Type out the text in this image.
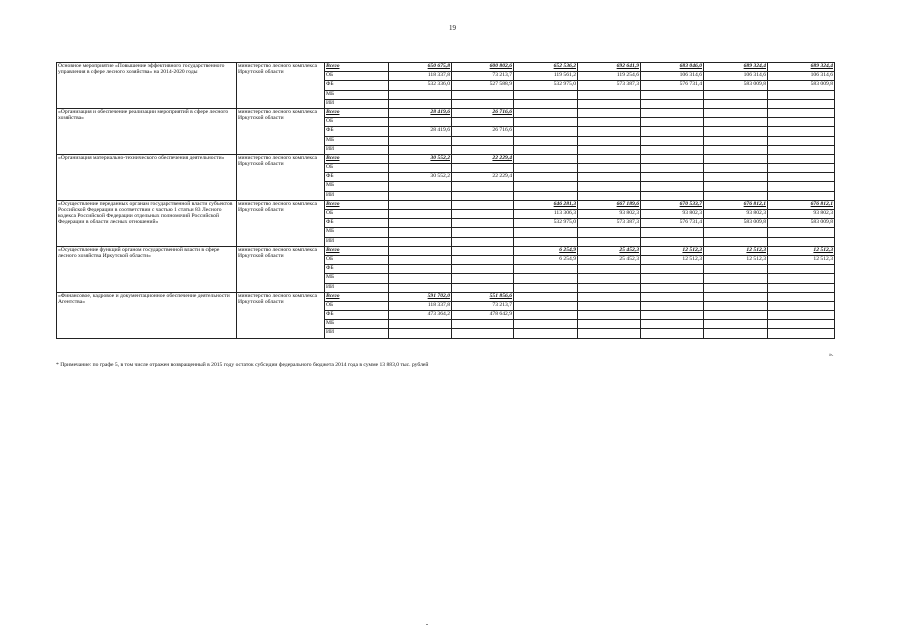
19
Основное мероприятие «Повышение эффективного государственного управления в сфере лесного хозяйства» на 2014-2020 годы	министерство лесного комплекса Иркутской области	Всего	650 675,8	600 802,6	652 536,2	692 641,9	683 046,0	689 324,4	689 324,4
		ОБ	118 337,8	73 213,7	119 561,2	119 254,6	106 314,6	106 314,6	106 314,6
		ФБ	532 336,0	527 588,9	532 975,0	573 387,3	576 731,4	583 009,8	583 009,8
		МБ							
		ИИ							
«Организация и обеспечение реализации мероприятий в сфере лесного хозяйства»	министерство лесного комплекса Иркутской области	Всего	28 419,6	26 716,6					
		ОБ							
		ФБ	28 419,6	26 716,6					
		МБ							
		ИИ							
«Организация материально-технического обеспечения деятельности»	министерство лесного комплекса Иркутской области	Всего	30 552,2	22 229,4					
		ОБ							
		ФБ	30 552,2	22 229,4					
		МБ							
		ИИ							
«Осуществление переданных органам государственной власти субъектов Российской Федерации в соответствии с частью 1 статьи 83 Лесного кодекса Российской Федерации отдельных полномочий Российской Федерации в области лесных отношений»	министерство лесного комплекса Иркутской области	Всего			646 281,3	667 189,6	670 533,7	676 812,1	676 812,1
		ОБ			113 306,3	93 802,3	93 802,3	93 802,3	93 802,3
		ФБ			532 975,0	573 387,3	576 731,4	583 009,8	583 009,8
		МБ							
		ИИ							
«Осуществление функций органом государственной власти в сфере лесного хозяйства Иркутской области»	министерство лесного комплекса Иркутской области	Всего			6 254,9	25 452,3	12 512,3	12 512,3	12 512,3
		ОБ			6 254,9	25 452,3	12 512,3	12 512,3	12 512,3
		ФБ							
		МБ							
		ИИ							
«Финансовое, кадровое и документационное обеспечение деятельности Агентства»	министерство лесного комплекса Иркутской области	Всего	591 702,0	551 856,6					
		ОБ	118 337,8	73 213,7					
		ФБ	473 364,2	478 642,9					
		МБ							
		ИИ							
* Примечание: по графе 5, в том числе отражен возвращенный в 2015 году остаток субсидии федерального бюджета 2014 года в сумме 13 883,0 тыс. рублей
».
